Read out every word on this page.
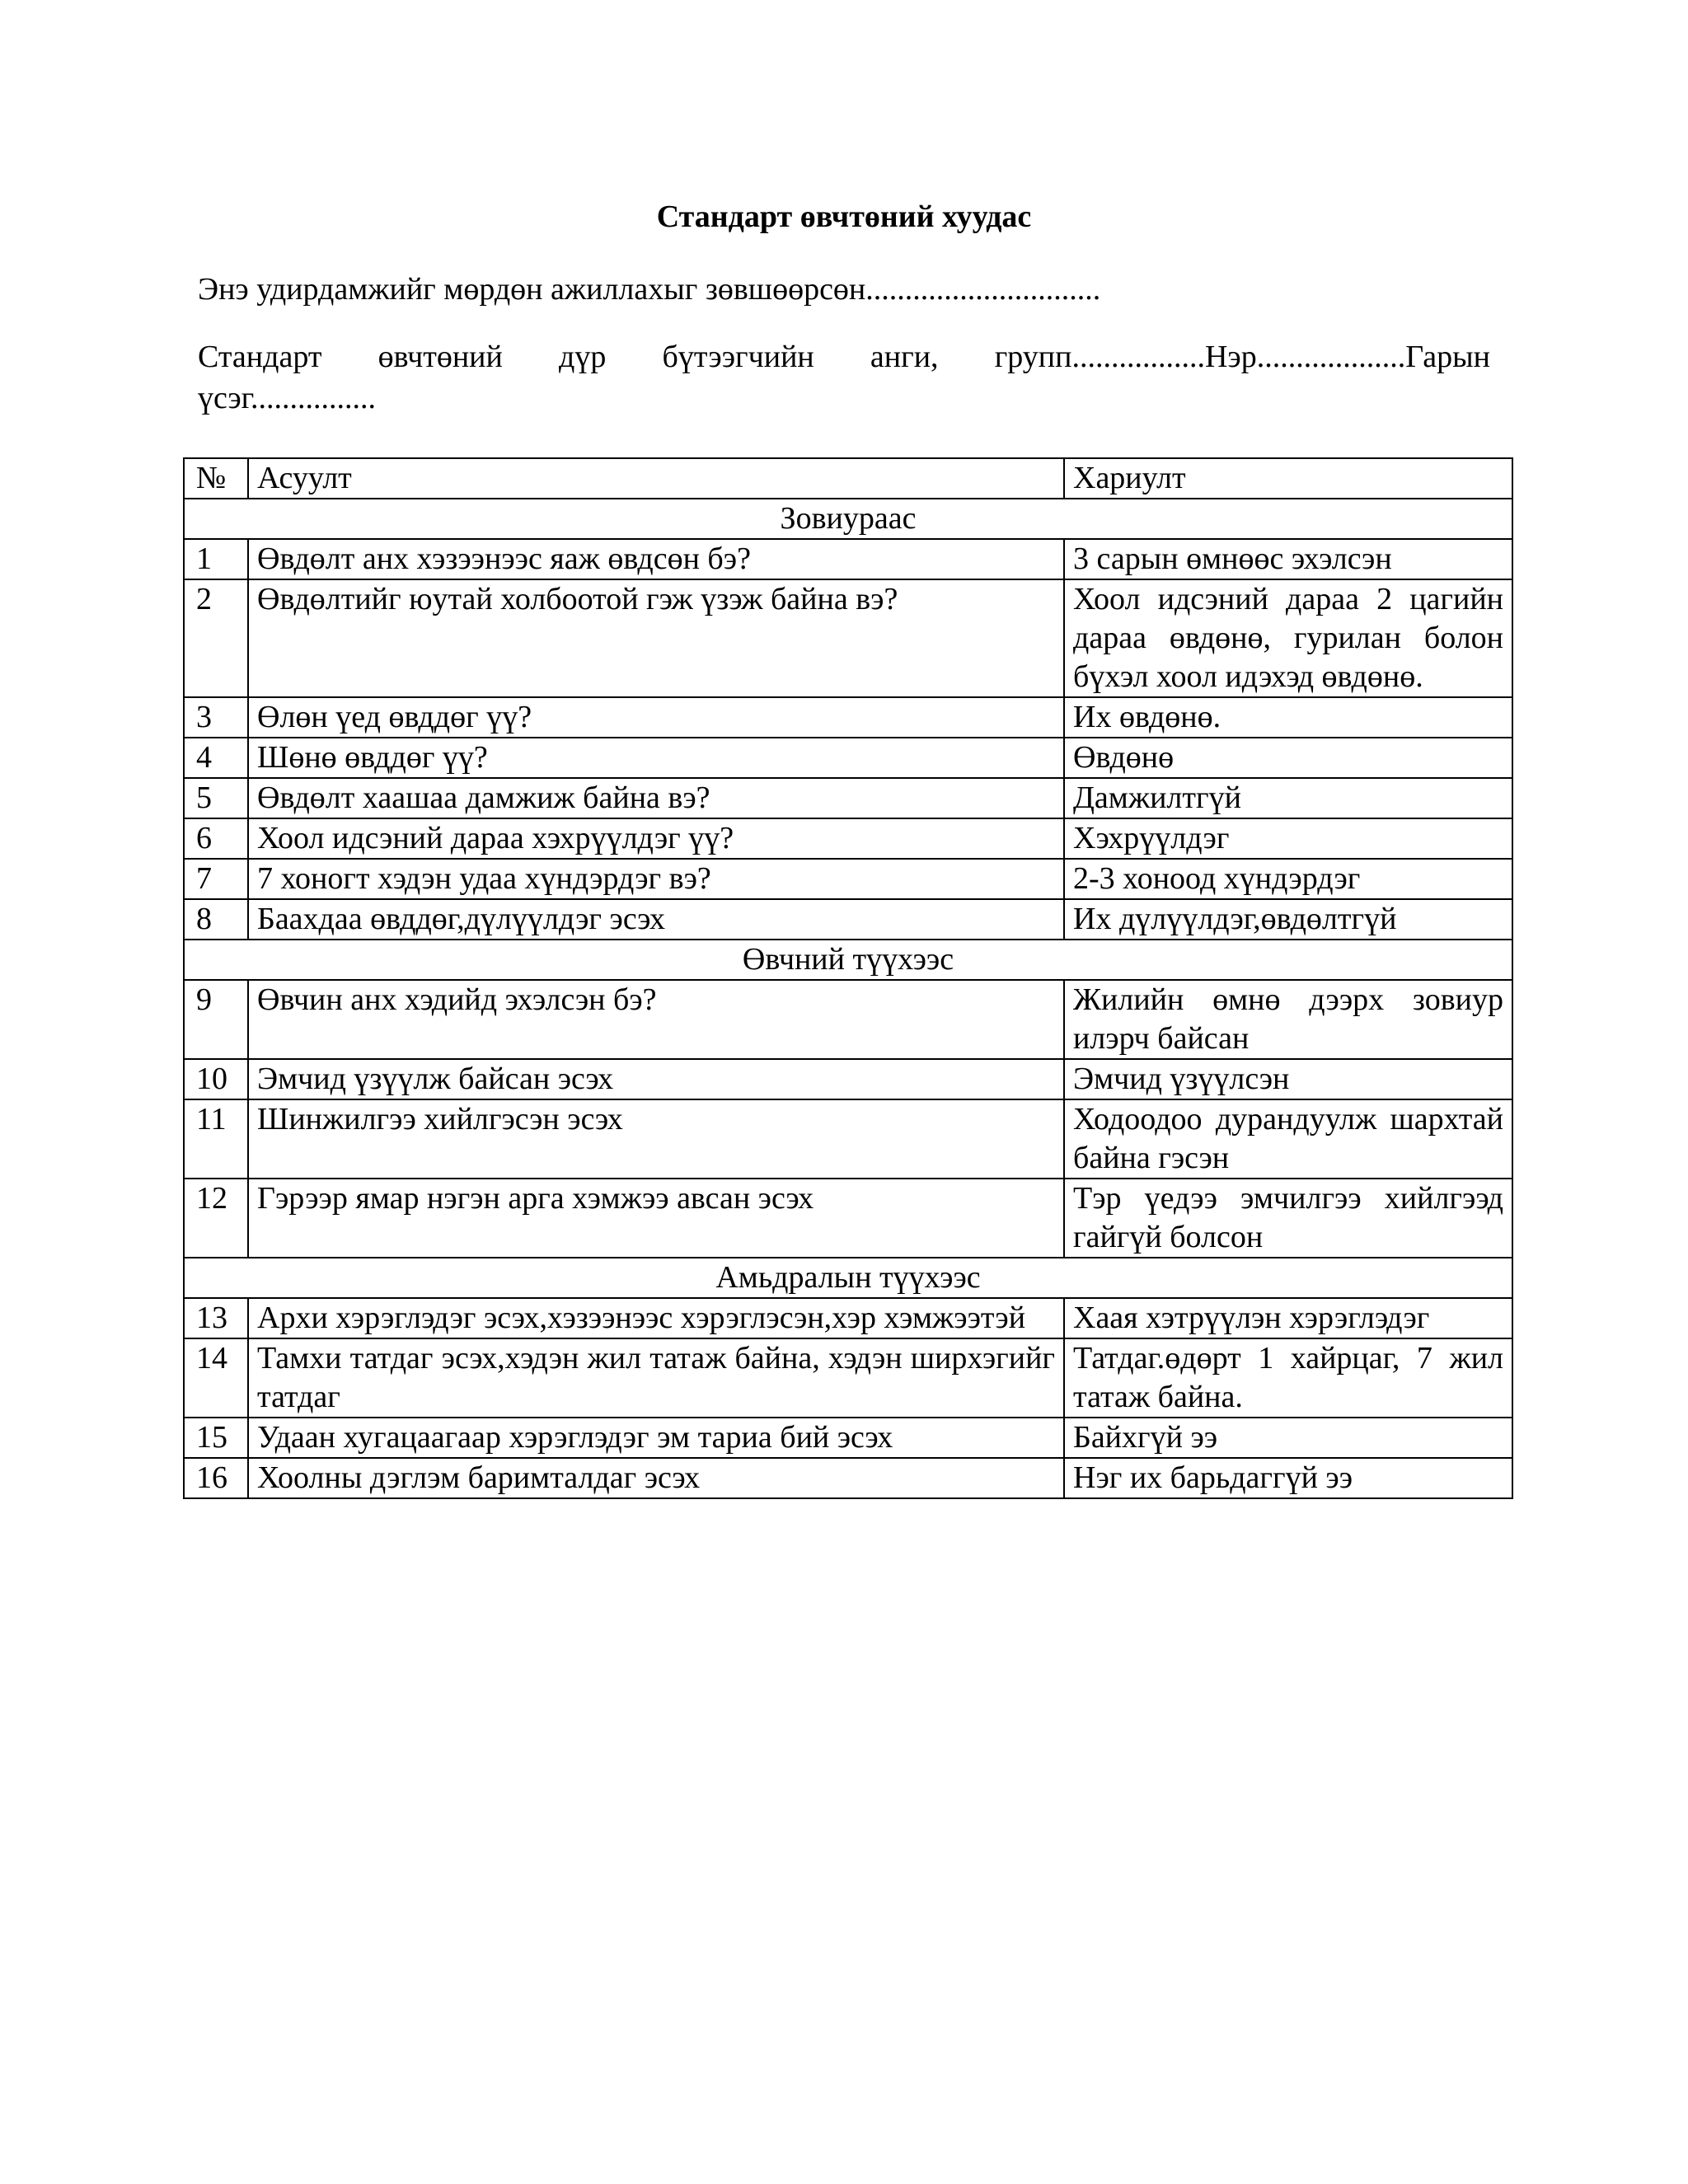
Стандарт өвчтөний хуудас
Энэ удирдамжийг мөрдөн ажиллахыг зөвшөөрсөн..............................
Стандарт өвчтөний дүр бүтээгчийн анги, групп.................Нэр...................Гарын
үсэг................
№	Асуулт	Хариулт
Зовиураас		
1	Өвдөлт анх хэзээнээс яаж өвдсөн бэ?	3 сарын өмнөөс эхэлсэн
2	Өвдөлтийг юутай холбоотой гэж үзэж байна вэ?	Хоол идсэний дараа 2 цагийн дараа өвдөнө, гурилан болон бүхэл хоол идэхэд өвдөнө.
3	Өлөн үед өвддөг үү?	Их өвдөнө.
4	Шөнө өвддөг үү?	Өвдөнө
5	Өвдөлт хаашаа дамжиж байна вэ?	Дамжилтгүй
6	Хоол идсэний дараа хэхрүүлдэг үү?	Хэхрүүлдэг
7	7 хоногт хэдэн удаа хүндэрдэг вэ?	2-3 хоноод хүндэрдэг
8	Баахдаа өвддөг,дүлүүлдэг эсэх	Их дүлүүлдэг,өвдөлтгүй
Өвчний түүхээс		
9	Өвчин анх хэдийд эхэлсэн бэ?	Жилийн өмнө дээрх зовиур илэрч байсан
10	Эмчид үзүүлж байсан эсэх	Эмчид үзүүлсэн
11	Шинжилгээ хийлгэсэн эсэх	Ходоодоо дурандуулж шархтай байна гэсэн
12	Гэрээр ямар нэгэн арга хэмжээ авсан эсэх	Тэр үедээ эмчилгээ хийлгээд гайгүй болсон
Амьдралын түүхээс		
13	Архи хэрэглэдэг эсэх,хэзээнээс хэрэглэсэн,хэр хэмжээтэй	Хаая хэтрүүлэн хэрэглэдэг
14	Тамхи татдаг эсэх,хэдэн жил татаж байна, хэдэн ширхэгийг татдаг	Татдаг.өдөрт 1 хайрцаг, 7 жил татаж байна.
15	Удаан хугацаагаар хэрэглэдэг эм тариа бий эсэх	Байхгүй ээ
16	Хоолны дэглэм баримталдаг эсэх	Нэг их барьдаггүй ээ
